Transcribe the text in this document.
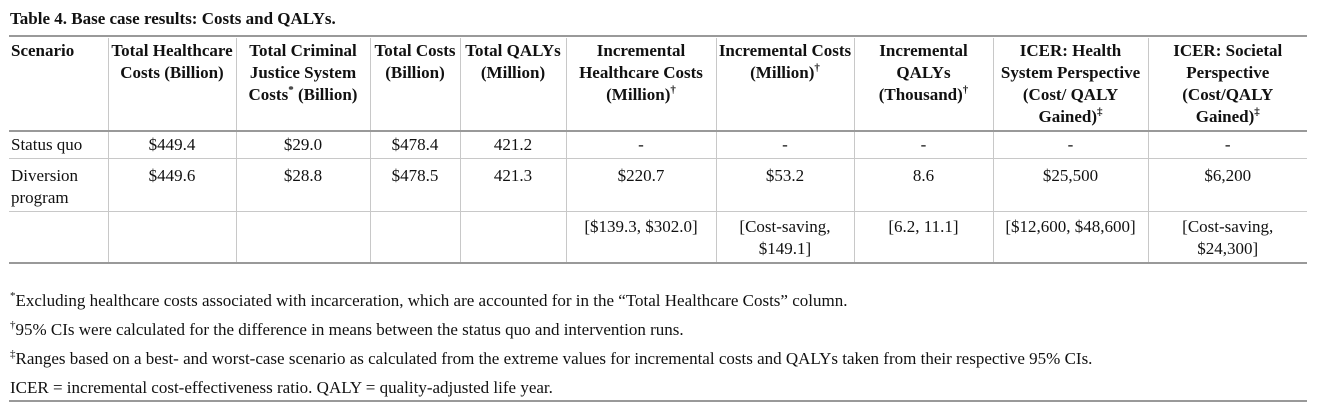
Table 4. Base case results: Costs and QALYs.
Scenario	Total Healthcare Costs (Billion)	Total Criminal Justice System Costs* (Billion)	Total Costs (Billion)	Total QALYs (Million)	Incremental Healthcare Costs (Million)†	Incremental Costs (Million)†	Incremental QALYs (Thousand)†	ICER: Health System Perspective (Cost/ QALY Gained)‡	ICER: Societal Perspective (Cost/QALY Gained)‡
Status quo	$449.4	$29.0	$478.4	421.2	-	-	-	-	-
Diversion program	$449.6	$28.8	$478.5	421.3	$220.7	$53.2	8.6	$25,500	$6,200
					[$139.3, $302.0]	[Cost-saving, $149.1]	[6.2, 11.1]	[$12,600, $48,600]	[Cost-saving, $24,300]
*Excluding healthcare costs associated with incarceration, which are accounted for in the “Total Healthcare Costs” column.
†95% CIs were calculated for the difference in means between the status quo and intervention runs.
‡Ranges based on a best- and worst-case scenario as calculated from the extreme values for incremental costs and QALYs taken from their respective 95% CIs.
ICER = incremental cost-effectiveness ratio. QALY = quality-adjusted life year.
